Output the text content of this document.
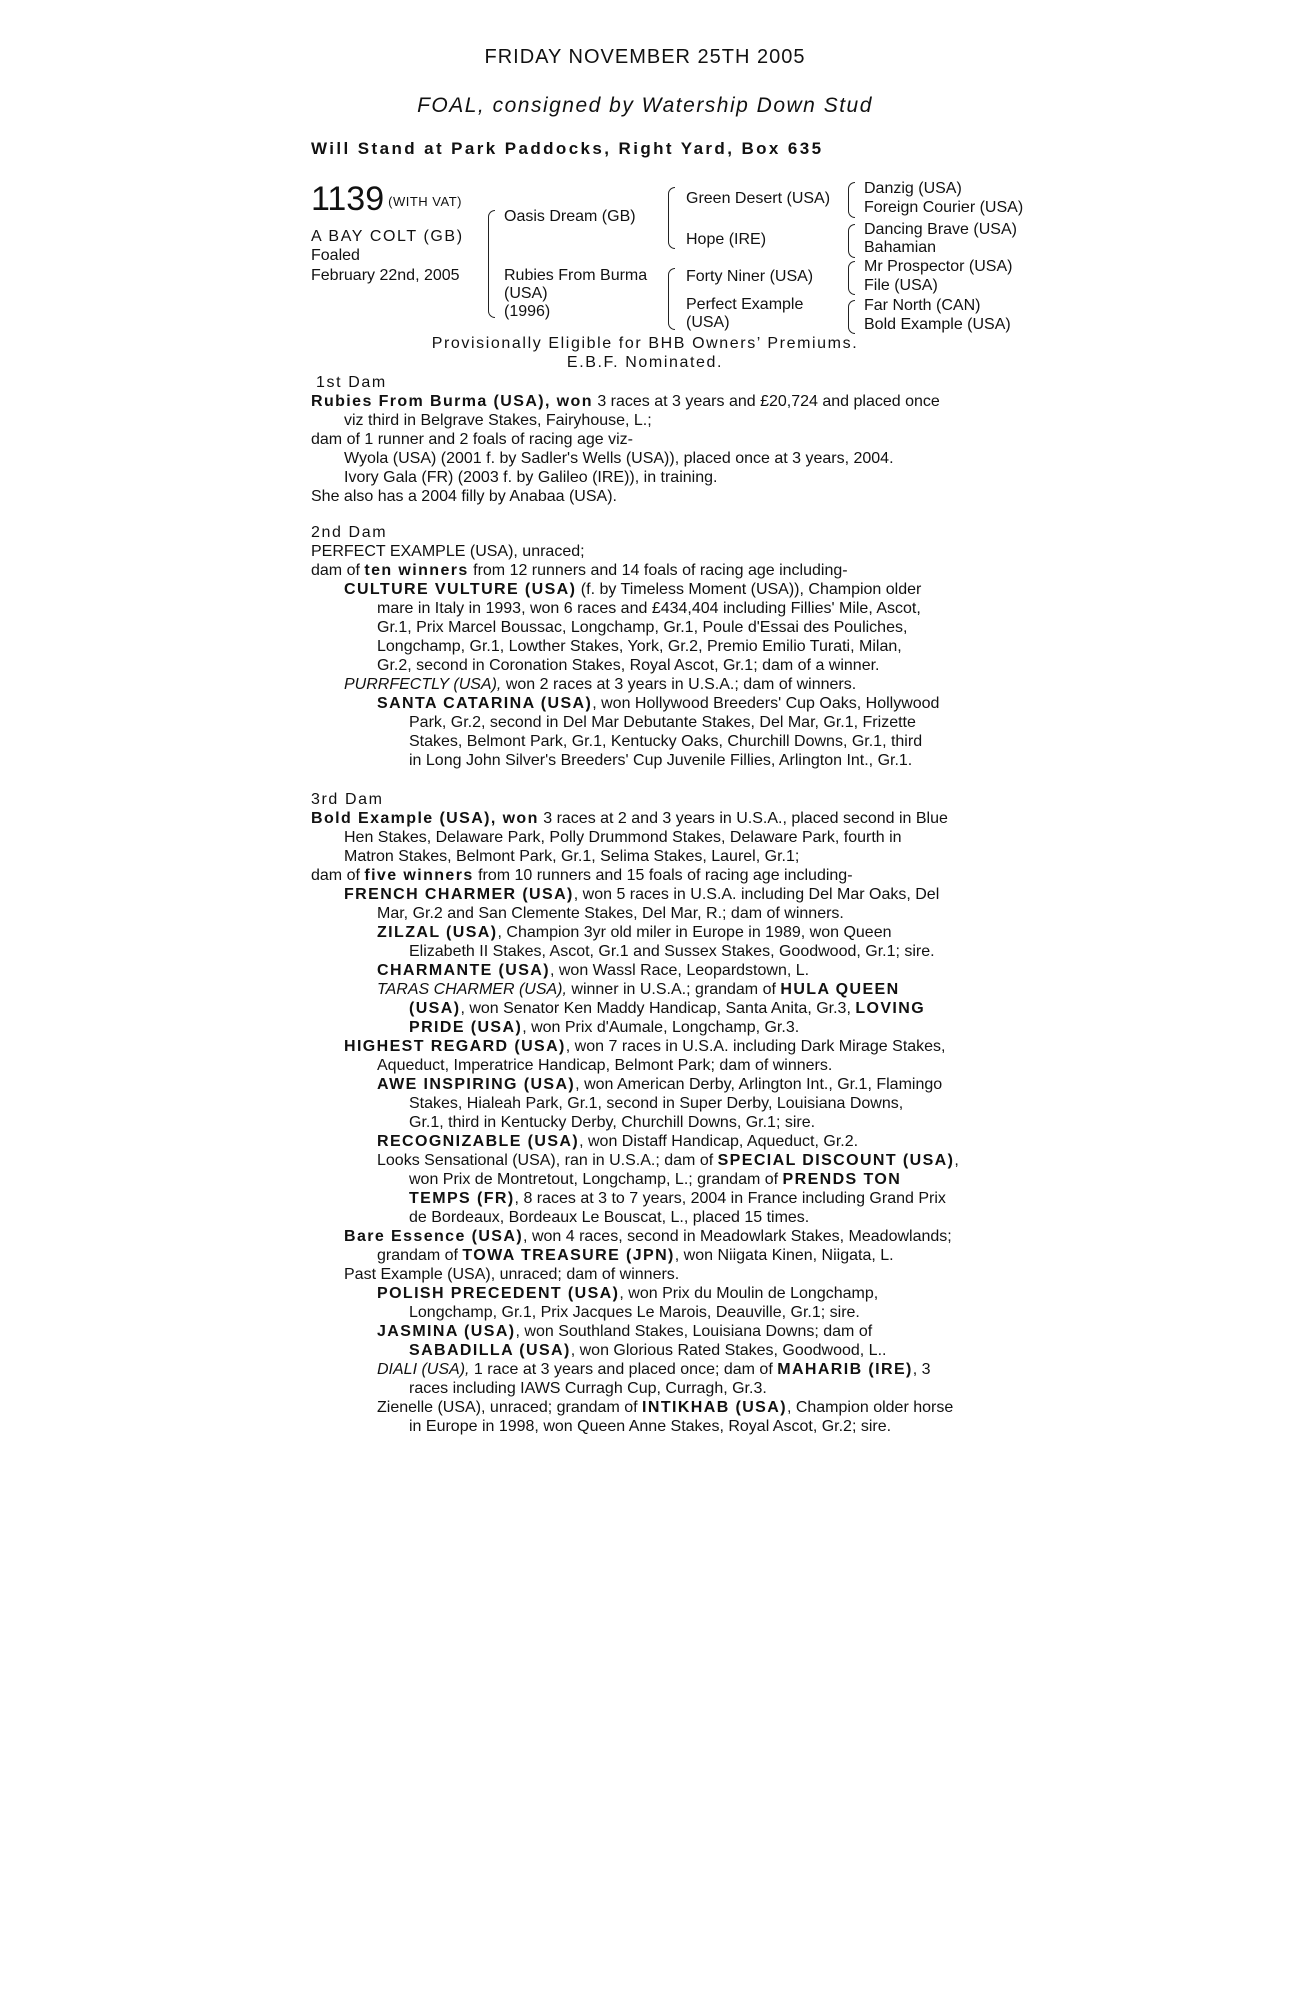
FRIDAY NOVEMBER 25TH 2005
FOAL, consigned by Watership Down Stud
Will Stand at Park Paddocks, Right Yard, Box 635
1139 (WITH VAT)
A BAY COLT (GB)
Foaled
February 22nd, 2005
Oasis Dream (GB)
Rubies From Burma
(USA)
(1996)
Green Desert (USA)
Hope (IRE)
Forty Niner (USA)
Perfect Example
(USA)
Danzig (USA)
Foreign Courier (USA)
Dancing Brave (USA)
Bahamian
Mr Prospector (USA)
File (USA)
Far North (CAN)
Bold Example (USA)
Provisionally Eligible for BHB Owners’ Premiums.
E.B.F. Nominated.
1st Dam
Rubies From Burma (USA), won 3 races at 3 years and £20,724 and placed once
viz third in Belgrave Stakes, Fairyhouse, L.;
dam of 1 runner and 2 foals of racing age viz-
Wyola (USA) (2001 f. by Sadler's Wells (USA)), placed once at 3 years, 2004.
Ivory Gala (FR) (2003 f. by Galileo (IRE)), in training.
She also has a 2004 filly by Anabaa (USA).
2nd Dam
PERFECT EXAMPLE (USA), unraced;
dam of ten winners from 12 runners and 14 foals of racing age including-
CULTURE VULTURE (USA) (f. by Timeless Moment (USA)), Champion older
mare in Italy in 1993, won 6 races and £434,404 including Fillies' Mile, Ascot,
Gr.1, Prix Marcel Boussac, Longchamp, Gr.1, Poule d'Essai des Pouliches,
Longchamp, Gr.1, Lowther Stakes, York, Gr.2, Premio Emilio Turati, Milan,
Gr.2, second in Coronation Stakes, Royal Ascot, Gr.1; dam of a winner.
PURRFECTLY (USA), won 2 races at 3 years in U.S.A.; dam of winners.
SANTA CATARINA (USA), won Hollywood Breeders' Cup Oaks, Hollywood
Park, Gr.2, second in Del Mar Debutante Stakes, Del Mar, Gr.1, Frizette
Stakes, Belmont Park, Gr.1, Kentucky Oaks, Churchill Downs, Gr.1, third
in Long John Silver's Breeders' Cup Juvenile Fillies, Arlington Int., Gr.1.
3rd Dam
Bold Example (USA), won 3 races at 2 and 3 years in U.S.A., placed second in Blue
Hen Stakes, Delaware Park, Polly Drummond Stakes, Delaware Park, fourth in
Matron Stakes, Belmont Park, Gr.1, Selima Stakes, Laurel, Gr.1;
dam of five winners from 10 runners and 15 foals of racing age including-
FRENCH CHARMER (USA), won 5 races in U.S.A. including Del Mar Oaks, Del
Mar, Gr.2 and San Clemente Stakes, Del Mar, R.; dam of winners.
ZILZAL (USA), Champion 3yr old miler in Europe in 1989, won Queen
Elizabeth II Stakes, Ascot, Gr.1 and Sussex Stakes, Goodwood, Gr.1; sire.
CHARMANTE (USA), won Wassl Race, Leopardstown, L.
TARAS CHARMER (USA), winner in U.S.A.; grandam of HULA QUEEN
(USA), won Senator Ken Maddy Handicap, Santa Anita, Gr.3, LOVING
PRIDE (USA), won Prix d'Aumale, Longchamp, Gr.3.
HIGHEST REGARD (USA), won 7 races in U.S.A. including Dark Mirage Stakes,
Aqueduct, Imperatrice Handicap, Belmont Park; dam of winners.
AWE INSPIRING (USA), won American Derby, Arlington Int., Gr.1, Flamingo
Stakes, Hialeah Park, Gr.1, second in Super Derby, Louisiana Downs,
Gr.1, third in Kentucky Derby, Churchill Downs, Gr.1; sire.
RECOGNIZABLE (USA), won Distaff Handicap, Aqueduct, Gr.2.
Looks Sensational (USA), ran in U.S.A.; dam of SPECIAL DISCOUNT (USA),
won Prix de Montretout, Longchamp, L.; grandam of PRENDS TON
TEMPS (FR), 8 races at 3 to 7 years, 2004 in France including Grand Prix
de Bordeaux, Bordeaux Le Bouscat, L., placed 15 times.
Bare Essence (USA), won 4 races, second in Meadowlark Stakes, Meadowlands;
grandam of TOWA TREASURE (JPN), won Niigata Kinen, Niigata, L.
Past Example (USA), unraced; dam of winners.
POLISH PRECEDENT (USA), won Prix du Moulin de Longchamp,
Longchamp, Gr.1, Prix Jacques Le Marois, Deauville, Gr.1; sire.
JASMINA (USA), won Southland Stakes, Louisiana Downs; dam of
SABADILLA (USA), won Glorious Rated Stakes, Goodwood, L..
DIALI (USA), 1 race at 3 years and placed once; dam of MAHARIB (IRE), 3
races including IAWS Curragh Cup, Curragh, Gr.3.
Zienelle (USA), unraced; grandam of INTIKHAB (USA), Champion older horse
in Europe in 1998, won Queen Anne Stakes, Royal Ascot, Gr.2; sire.
